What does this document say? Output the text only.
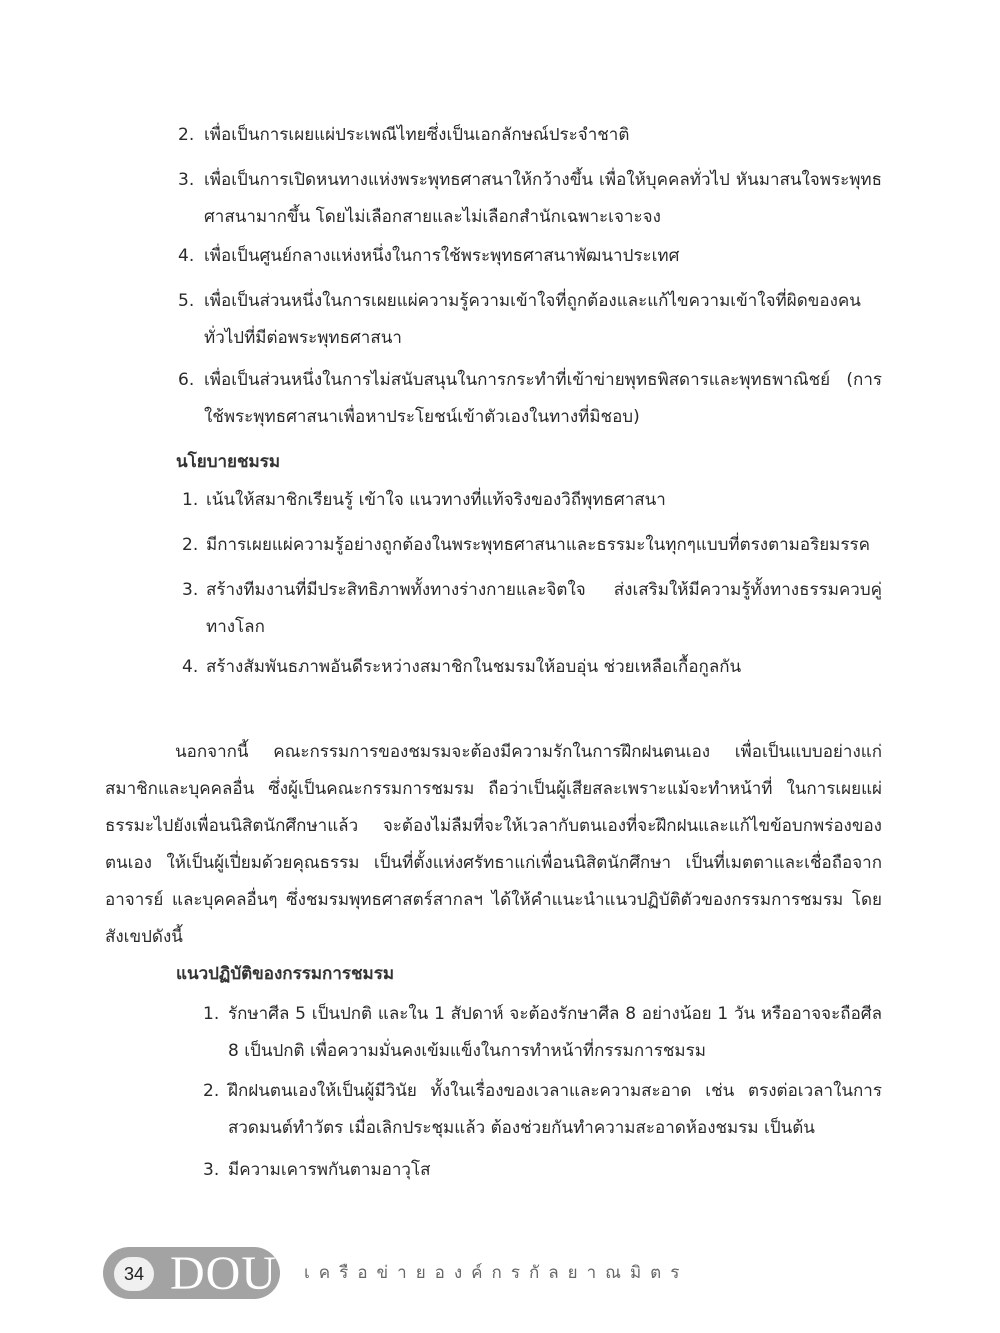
2. เพื่อเป็นการเผยแผ่ประเพณีไทยซึ่งเป็นเอกลักษณ์ประจำชาติ
3. เพื่อเป็นการเปิดหนทางแห่งพระพุทธศาสนาให้กว้างขึ้น เพื่อให้บุคคลทั่วไป หันมาสนใจพระพุทธศาสนามากขึ้น โดยไม่เลือกสายและไม่เลือกสำนักเฉพาะเจาะจง
4. เพื่อเป็นศูนย์กลางแห่งหนึ่งในการใช้พระพุทธศาสนาพัฒนาประเทศ
5. เพื่อเป็นส่วนหนึ่งในการเผยแผ่ความรู้ความเข้าใจที่ถูกต้องและแก้ไขความเข้าใจที่ผิดของคนทั่วไปที่มีต่อพระพุทธศาสนา
6. เพื่อเป็นส่วนหนึ่งในการไม่สนับสนุนในการกระทำที่เข้าข่ายพุทธพิสดารและพุทธพาณิชย์ (การใช้พระพุทธศาสนาเพื่อหาประโยชน์เข้าตัวเองในทางที่มิชอบ)
นโยบายชมรม
1. เน้นให้สมาชิกเรียนรู้ เข้าใจ แนวทางที่แท้จริงของวิถีพุทธศาสนา
2. มีการเผยแผ่ความรู้อย่างถูกต้องในพระพุทธศาสนาและธรรมะในทุกๆแบบที่ตรงตามอริยมรรค
3. สร้างทีมงานที่มีประสิทธิภาพทั้งทางร่างกายและจิตใจ ส่งเสริมให้มีความรู้ทั้งทางธรรมควบคู่ทางโลก
4. สร้างสัมพันธภาพอันดีระหว่างสมาชิกในชมรมให้อบอุ่น ช่วยเหลือเกื้อกูลกัน
นอกจากนี้ คณะกรรมการของชมรมจะต้องมีความรักในการฝึกฝนตนเอง เพื่อเป็นแบบอย่างแก่สมาชิกและบุคคลอื่น ซึ่งผู้เป็นคณะกรรมการชมรม ถือว่าเป็นผู้เสียสละเพราะแม้จะทำหน้าที่ ในการเผยแผ่ธรรมะไปยังเพื่อนนิสิตนักศึกษาแล้ว จะต้องไม่ลืมที่จะให้เวลากับตนเองที่จะฝึกฝนและแก้ไขข้อบกพร่องของตนเอง ให้เป็นผู้เปี่ยมด้วยคุณธรรม เป็นที่ตั้งแห่งศรัทธาแก่เพื่อนนิสิตนักศึกษา เป็นที่เมตตาและเชื่อถือจากอาจารย์ และบุคคลอื่นๆ ซึ่งชมรมพุทธศาสตร์สากลฯ ได้ให้คำแนะนำแนวปฏิบัติตัวของกรรมการชมรม โดยสังเขปดังนี้
แนวปฏิบัติของกรรมการชมรม
1. รักษาศีล 5 เป็นปกติ และใน 1 สัปดาห์ จะต้องรักษาศีล 8 อย่างน้อย 1 วัน หรืออาจจะถือศีล 8 เป็นปกติ เพื่อความมั่นคงเข้มแข็งในการทำหน้าที่กรรมการชมรม
2. ฝึกฝนตนเองให้เป็นผู้มีวินัย ทั้งในเรื่องของเวลาและความสะอาด เช่น ตรงต่อเวลาในการสวดมนต์ทำวัตร เมื่อเลิกประชุมแล้ว ต้องช่วยกันทำความสะอาดห้องชมรม เป็นต้น
3. มีความเคารพกันตามอาวุโส
34 DOU เครือข่ายองค์กรกัลยาณมิตร
